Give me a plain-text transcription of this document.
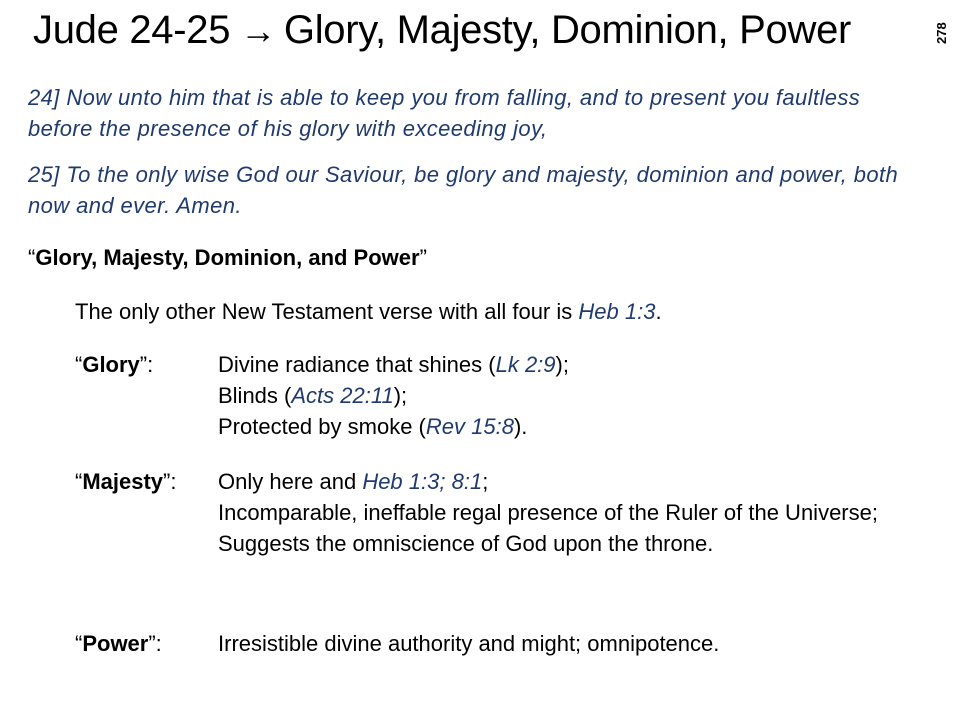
Jude 24-25 → Glory, Majesty, Dominion, Power	278
24] Now unto him that is able to keep you from falling, and to present you faultless before the presence of his glory with exceeding joy,
25] To the only wise God our Saviour, be glory and majesty, dominion and power, both now and ever. Amen.
“Glory, Majesty, Dominion, and Power”
The only other New Testament verse with all four is Heb 1:3.
“Glory”:	Divine radiance that shines (Lk 2:9);
Blinds (Acts 22:11);
Protected by smoke (Rev 15:8).
“Majesty”: Only here and Heb 1:3; 8:1;
Incomparable, ineffable regal presence of the Ruler of the Universe;
Suggests the omniscience of God upon the throne.
“Power”:	Irresistible divine authority and might; omnipotence.
